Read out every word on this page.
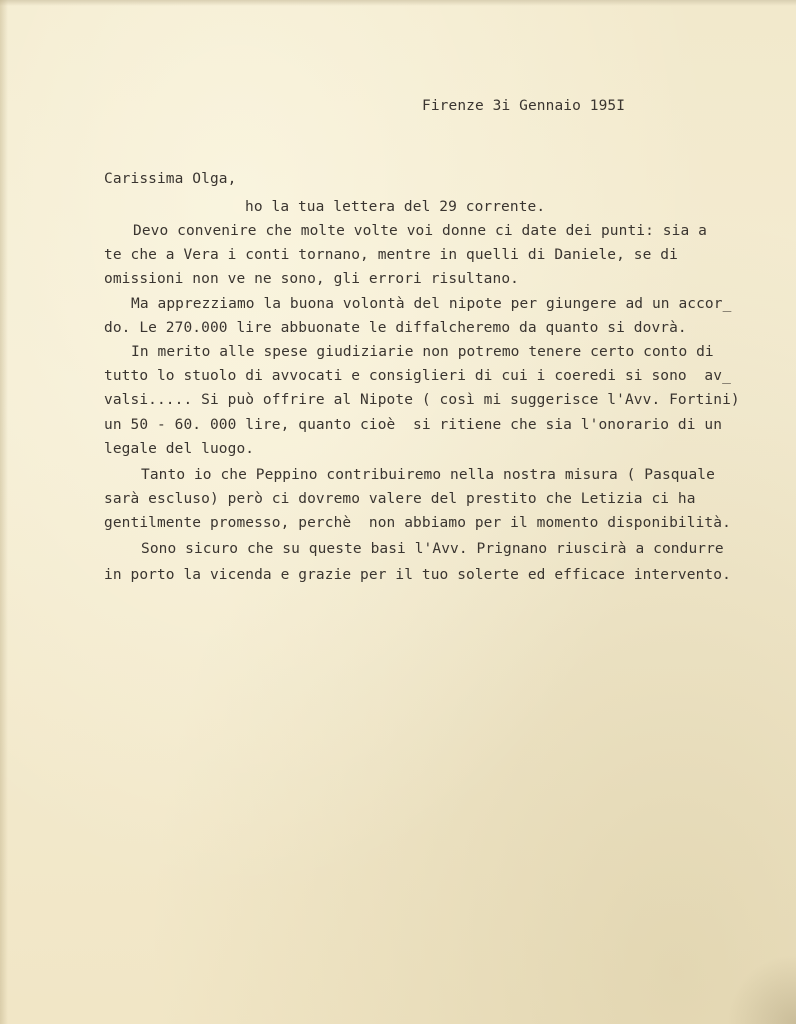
Firenze 3i Gennaio 195I
Carissima Olga,
ho la tua lettera del 29 corrente.
Devo convenire che molte volte voi donne ci date dei punti: sia a
te che a Vera i conti tornano, mentre in quelli di Daniele, se di
omissioni non ve ne sono, gli errori risultano.
Ma apprezziamo la buona volontà del nipote per giungere ad un accor_
do. Le 270.000 lire abbuonate le diffalcheremo da quanto si dovrà.
In merito alle spese giudiziarie non potremo tenere certo conto di
tutto lo stuolo di avvocati e consiglieri di cui i coeredi si sono  av_
valsi..... Si può offrire al Nipote ( così mi suggerisce l'Avv. Fortini)
un 50 - 60. 000 lire, quanto cioè  si ritiene che sia l'onorario di un
legale del luogo.
Tanto io che Peppino contribuiremo nella nostra misura ( Pasquale
sarà escluso) però ci dovremo valere del prestito che Letizia ci ha
gentilmente promesso, perchè  non abbiamo per il momento disponibilità.
Sono sicuro che su queste basi l'Avv. Prignano riuscirà a condurre
in porto la vicenda e grazie per il tuo solerte ed efficace intervento.
